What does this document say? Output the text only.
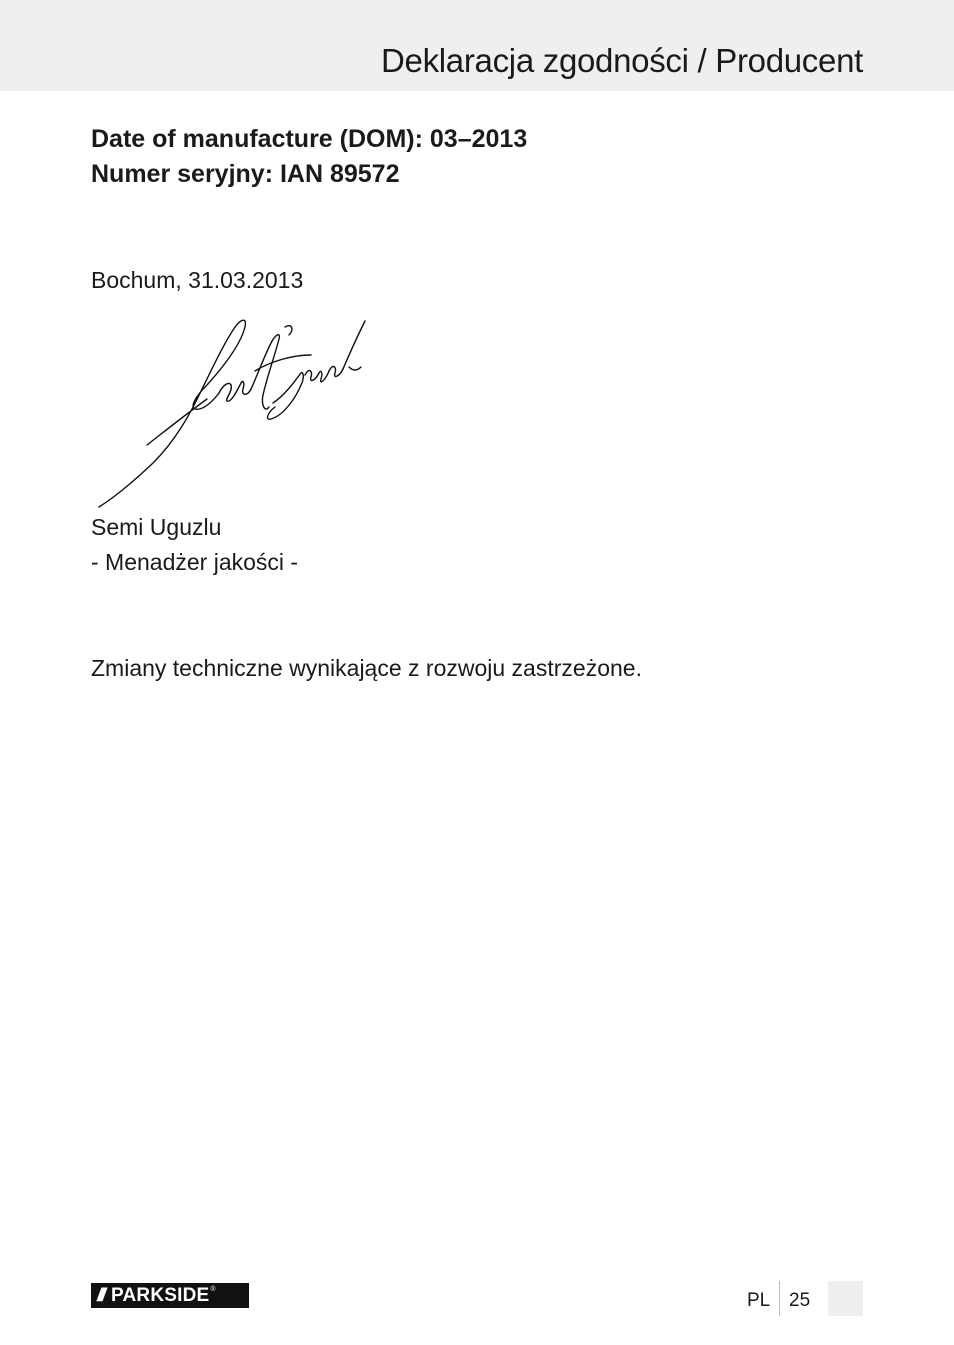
Deklaracja zgodności / Producent

Date of manufacture (DOM): 03–2013

Numer seryjny: IAN 89572

Bochum, 31.03.2013

Semi Uguzlu

- Menadżer jakości -

Zmiany techniczne wynikające z rozwoju zastrzeżone.

/// PARKSIDE ®
PL 25
